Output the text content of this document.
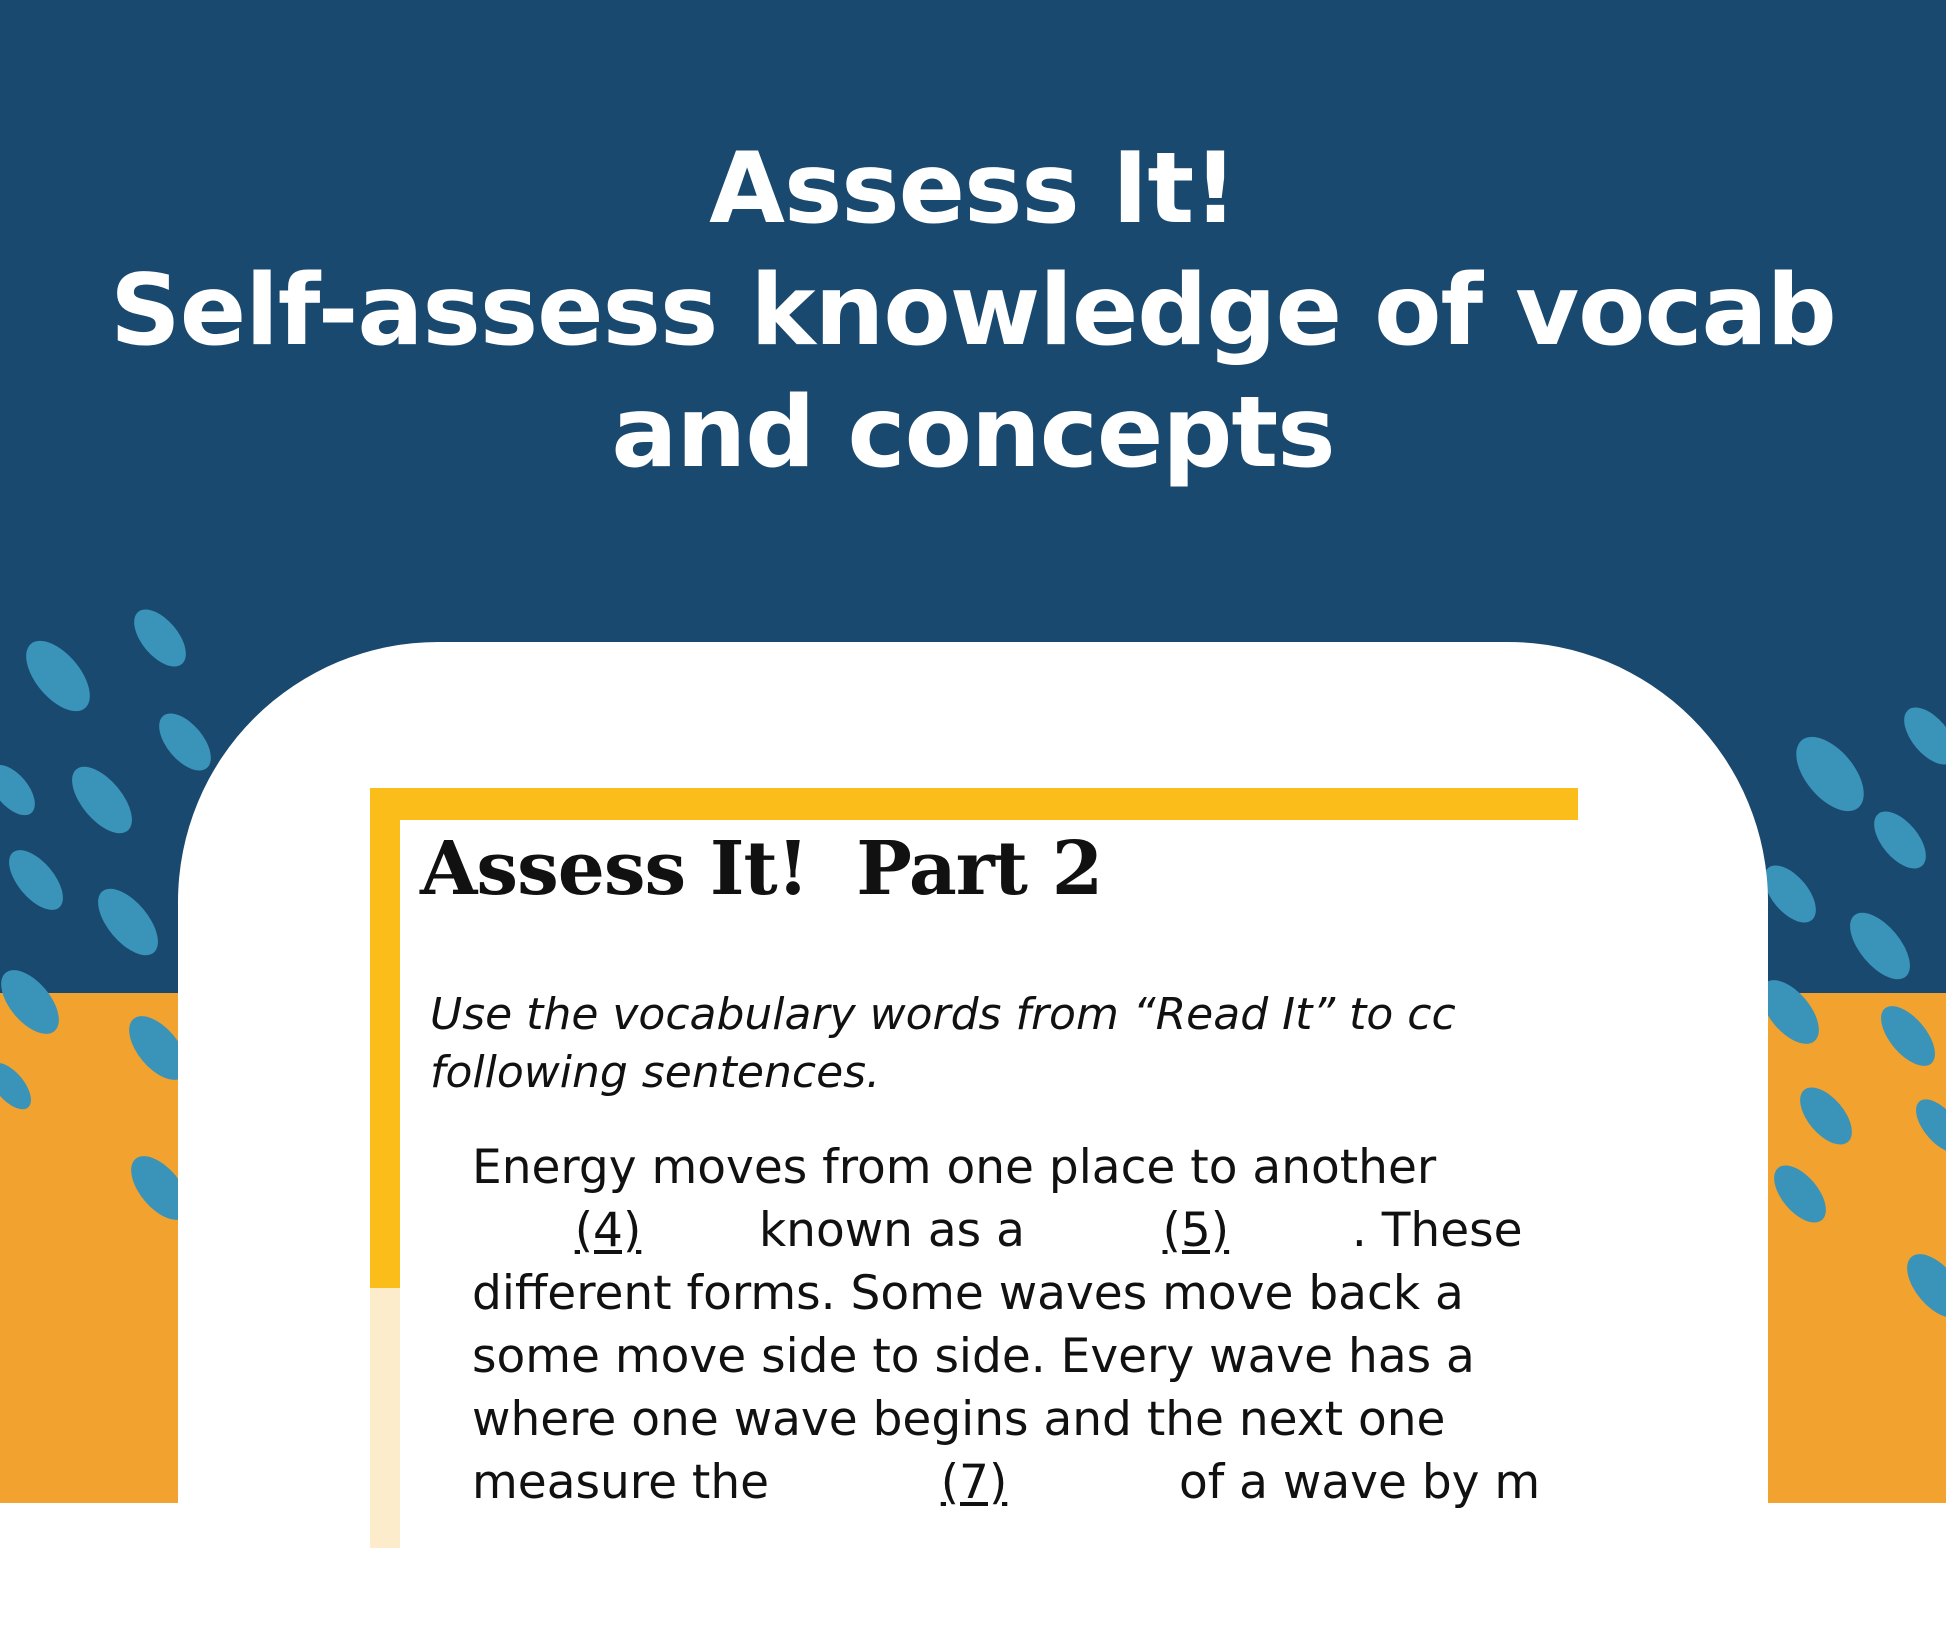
Assess It!
Self-assess knowledge of vocab
and concepts
Assess It! Part 2
Use the vocabulary words from “Read It” to cc
following sentences.
Energy moves from one place to another
(4) known as a	(5)	. These
different forms. Some waves move back a
some move side to side. Every wave has a
where one wave begins and the next one
measure the	(7)	of a wave by m
